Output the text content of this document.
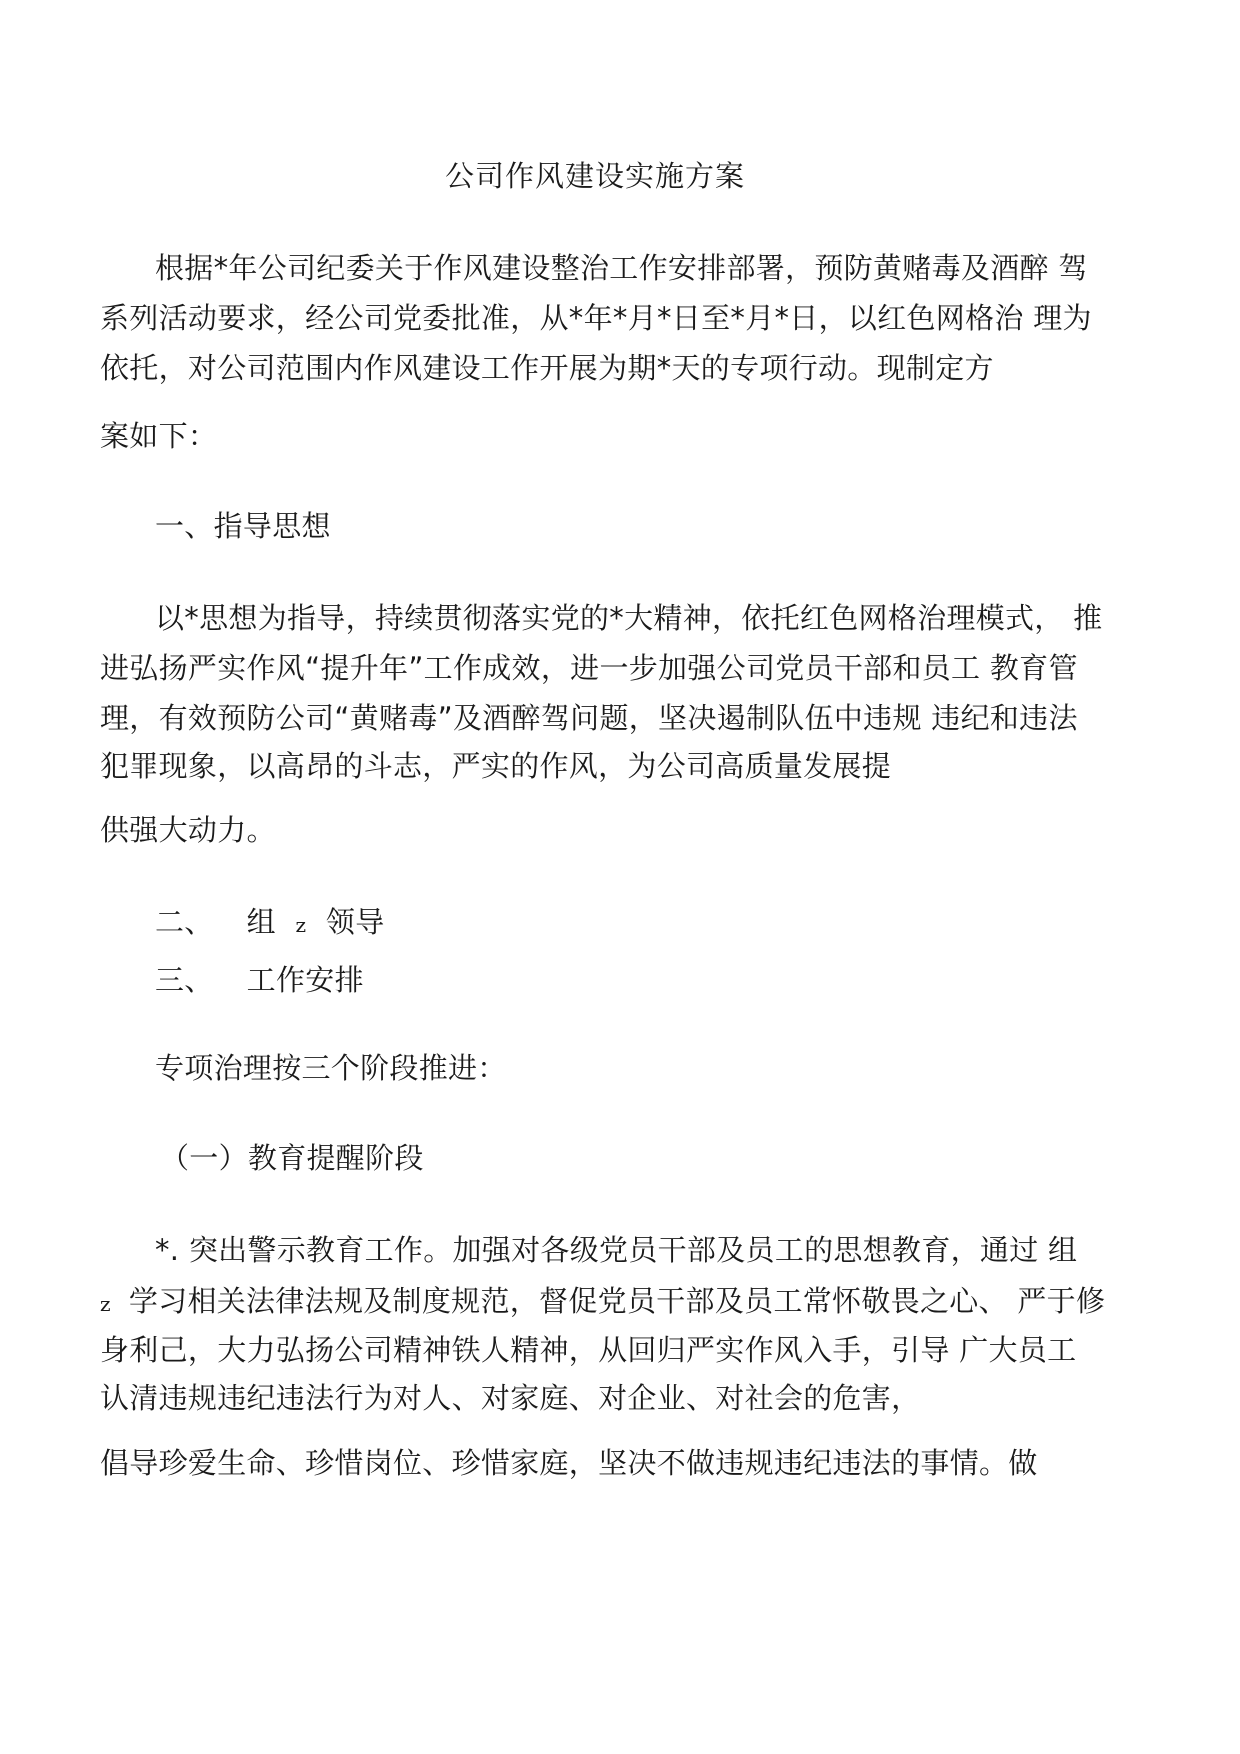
公司作风建设实施方案
根据*年公司纪委关于作风建设整治工作安排部署，预防黄赌毒及酒醉 驾
系列活动要求，经公司党委批准，从*年*月*日至*月*日，以红色网格治 理为
依托，对公司范围内作风建设工作开展为期*天的专项行动。现制定方
案如下：
一、指导思想
以*思想为指导，持续贯彻落实党的*大精神，依托红色网格治理模式， 推
进弘扬严实作风“提升年”工作成效，进一步加强公司党员干部和员工 教育管
理，有效预防公司“黄赌毒”及酒醉驾问题，坚决遏制队伍中违规 违纪和违法
犯罪现象，以高昂的斗志，严实的作风，为公司高质量发展提
供强大动力。
二、 组 z 领导
三、 工作安排
专项治理按三个阶段推进：
（一）教育提醒阶段
*. 突出警示教育工作。加强对各级党员干部及员工的思想教育，通过 组
z 学习相关法律法规及制度规范，督促党员干部及员工常怀敬畏之心、 严于修
身利己，大力弘扬公司精神铁人精神，从回归严实作风入手，引导 广大员工
认清违规违纪违法行为对人、对家庭、对企业、对社会的危害，
倡导珍爱生命、珍惜岗位、珍惜家庭，坚决不做违规违纪违法的事情。做
